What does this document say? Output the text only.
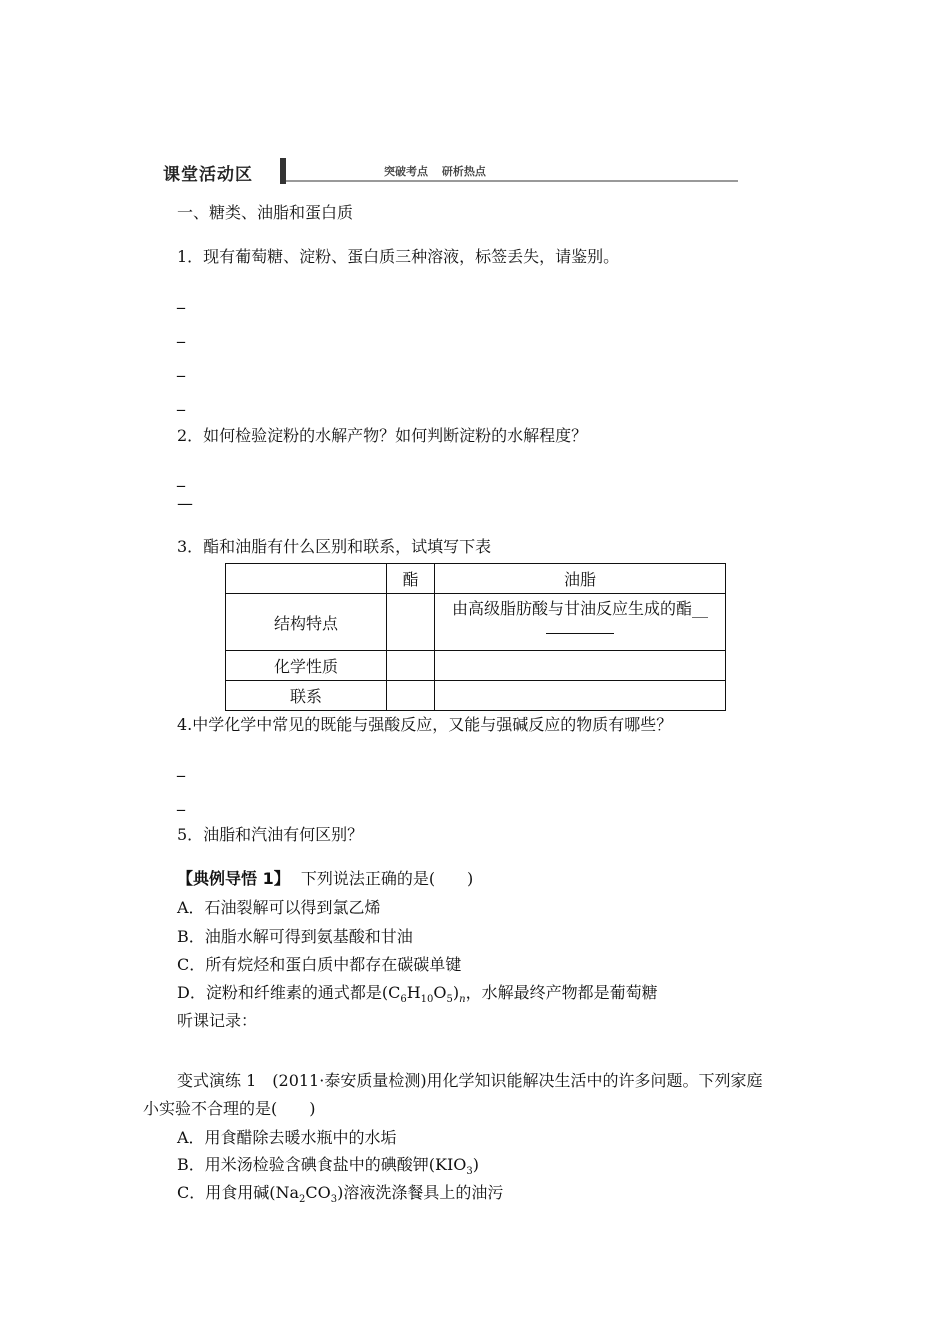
课堂活动区	突破考点 研析热点
一、糖类、油脂和蛋白质
1．现有葡萄糖、淀粉、蛋白质三种溶液，标签丢失，请鉴别。
_
_
_
_
2．如何检验淀粉的水解产物？如何判断淀粉的水解程度？
_
—
3．酯和油脂有什么区别和联系，试填写下表
	酯	油脂
结构特点		由高级脂肪酸与甘油反应生成的酯__

化学性质		
联系		
4.中学化学中常见的既能与强酸反应，又能与强碱反应的物质有哪些？
_
_
5．油脂和汽油有何区别？
【典例导悟 1】 下列说法正确的是(　　)
A．石油裂解可以得到氯乙烯
B．油脂水解可得到氨基酸和甘油
C．所有烷烃和蛋白质中都存在碳碳单键
D．淀粉和纤维素的通式都是$(C_6H_{10}O_5)_n$，水解最终产物都是葡萄糖
听课记录：
变式演练 1　(2011·泰安质量检测)用化学知识能解决生活中的许多问题。下列家庭
小实验不合理的是(　　)
A．用食醋除去暖水瓶中的水垢
B．用米汤检验含碘食盐中的碘酸钾$(KIO_3)$
C．用食用碱$(Na_2CO_3)$溶液洗涤餐具上的油污
